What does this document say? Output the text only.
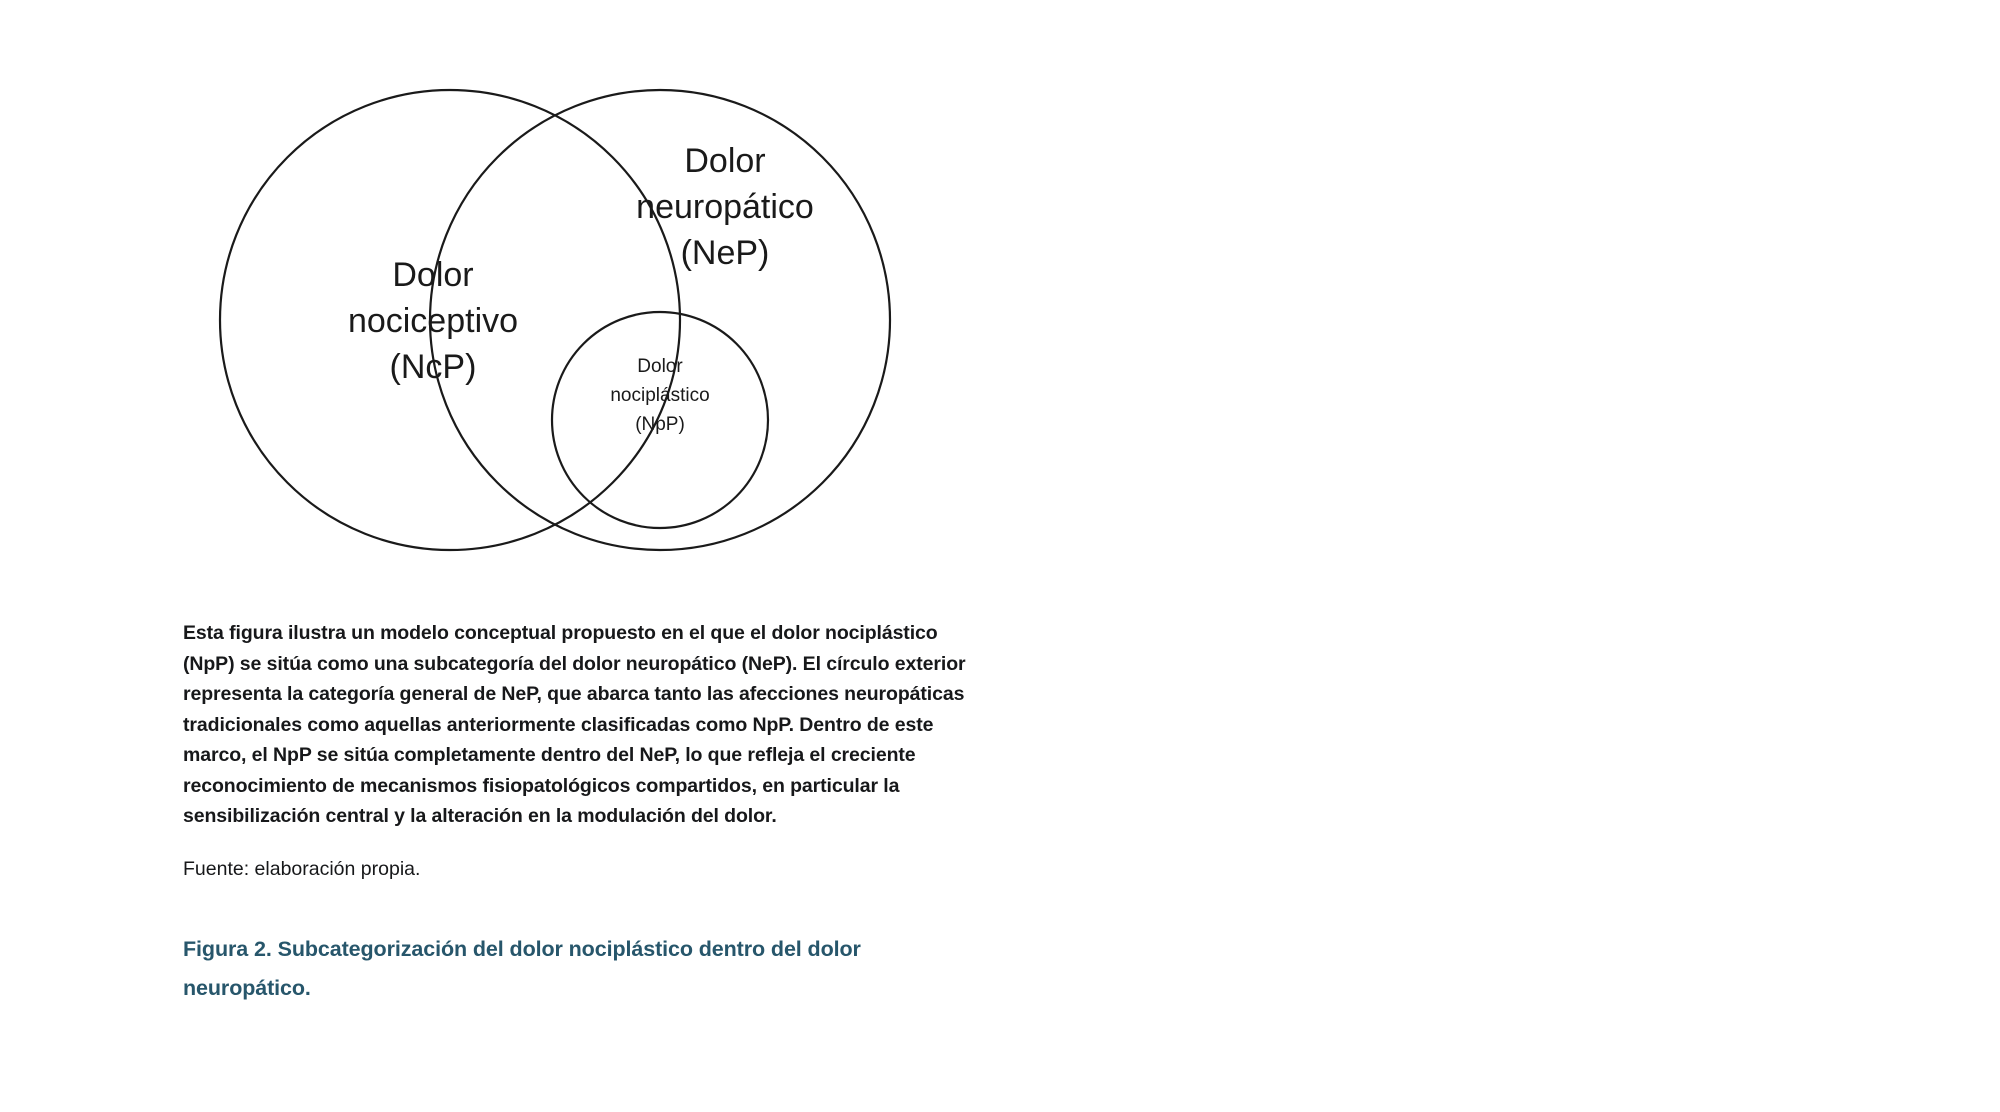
Dolor
nociceptivo
(NcP)
Dolor
neuropático
(NeP)
Dolor
nociplástico
(NpP)

Esta figura ilustra un modelo conceptual propuesto en el que el dolor nociplástico (NpP) se sitúa como una subcategoría del dolor neuropático (NeP). El círculo exterior representa la categoría general de NeP, que abarca tanto las afecciones neuropáticas tradicionales como aquellas anteriormente clasificadas como NpP. Dentro de este marco, el NpP se sitúa completamente dentro del NeP, lo que refleja el creciente reconocimiento de mecanismos fisiopatológicos compartidos, en particular la sensibilización central y la alteración en la modulación del dolor.

Fuente: elaboración propia.

Figura 2. Subcategorización del dolor nociplástico dentro del dolor neuropático.
